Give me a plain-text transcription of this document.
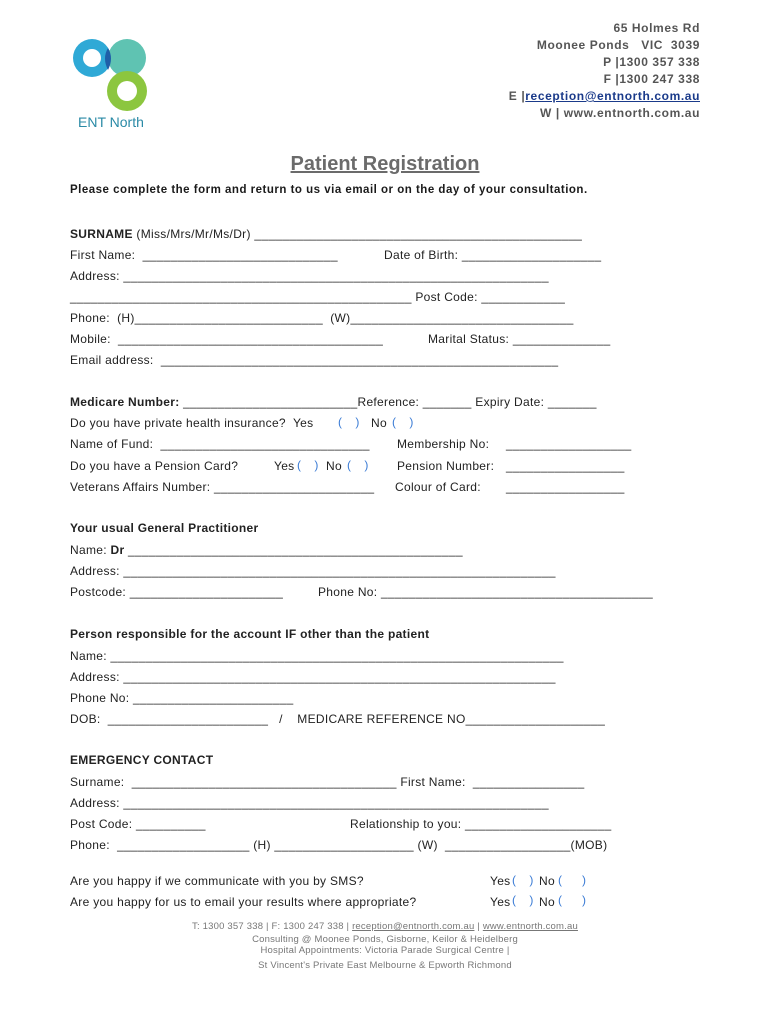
ENT North
65 Holmes Rd
Moonee Ponds   VIC  3039
P |1300 357 338
F |1300 247 338
E |reception@entnorth.com.au
W | www.entnorth.com.au
Patient Registration
Please complete the form and return to us via email or on the day of your consultation.
SURNAME (Miss/Mrs/Mr/Ms/Dr) _______________________________________________
First Name:  ____________________________	Date of Birth: ____________________
Address: _____________________________________________________________
_________________________________________________ Post Code: ____________
Phone:  (H)___________________________  (W)________________________________
Mobile:  ______________________________________	Marital Status: ______________
Email address:  _________________________________________________________
Medicare Number: _________________________Reference: _______ Expiry Date: _______
Do you have private health insurance?  Yes (    ) No (    )
Name of Fund:  ______________________________ Membership No: __________________
Do you have a Pension Card?	Yes (    ) No (    ) Pension Number: _________________
Veterans Affairs Number: _______________________ Colour of Card: _________________
Your usual General Practitioner
Name: Dr ________________________________________________
Address: ______________________________________________________________
Postcode: ______________________	Phone No: _______________________________________
Person responsible for the account IF other than the patient
Name: _________________________________________________________________
Address: ______________________________________________________________
Phone No: _______________________
DOB:  _______________________   /    MEDICARE REFERENCE NO____________________
EMERGENCY CONTACT
Surname:  ______________________________________ First Name:  ________________
Address: _____________________________________________________________
Post Code: __________	Relationship to you: _____________________
Phone:  ___________________ (H) ____________________ (W)  __________________(MOB)
Are you happy if we communicate with you by SMS?	Yes (    ) No (      )
Are you happy for us to email your results where appropriate?	Yes (    ) No (      )
T: 1300 357 338 | F: 1300 247 338 | reception@entnorth.com.au | www.entnorth.com.au
Consulting @ Moonee Ponds, Gisborne, Keilor & Heidelberg
Hospital Appointments: Victoria Parade Surgical Centre |
St Vincent's Private East Melbourne & Epworth Richmond
